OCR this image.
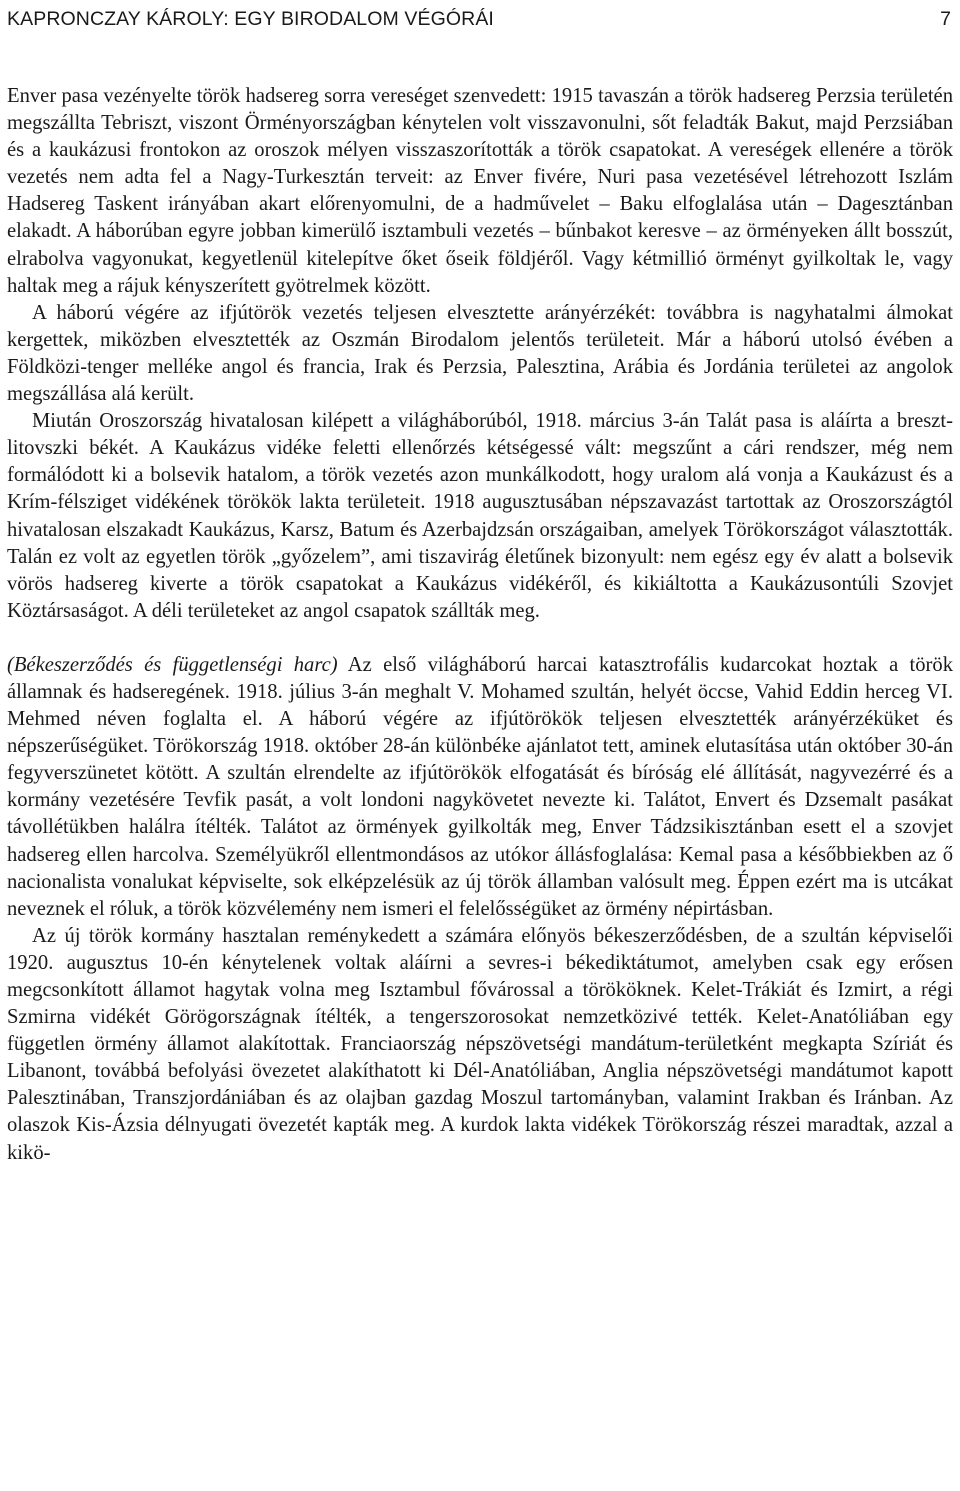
KAPRONCZAY KÁROLY: EGY BIRODALOM VÉGÓRÁI	7

Enver pasa vezényelte török hadsereg sorra vereséget szenvedett: 1915 tavaszán a török hadsereg Perzsia területén megszállta Tebriszt, viszont Örményországban kénytelen volt visszavonulni, sőt feladták Bakut, majd Perzsiában és a kaukázusi frontokon az oroszok mélyen visszaszorították a török csapatokat. A vereségek ellenére a török vezetés nem adta fel a Nagy-Turkesztán terveit: az Enver fivére, Nuri pasa vezetésével létrehozott Iszlám Hadsereg Taskent irányában akart előrenyomulni, de a hadművelet – Baku elfoglalása után – Dagesztánban elakadt. A háborúban egyre jobban kimerülő isztambuli vezetés – bűnbakot keresve – az örményeken állt bosszút, elrabolva vagyonukat, kegyetlenül kitelepítve őket őseik földjéről. Vagy kétmillió örményt gyilkoltak le, vagy haltak meg a rájuk kényszerített gyötrelmek között.

A háború végére az ifjútörök vezetés teljesen elvesztette arányérzékét: továbbra is nagyhatalmi álmokat kergettek, miközben elvesztették az Oszmán Birodalom jelentős területeit. Már a háború utolsó évében a Földközi-tenger melléke angol és francia, Irak és Perzsia, Palesztina, Arábia és Jordánia területei az angolok megszállása alá került.

Miután Oroszország hivatalosan kilépett a világháborúból, 1918. március 3-án Talát pasa is aláírta a breszt-litovszki békét. A Kaukázus vidéke feletti ellenőrzés kétségessé vált: megszűnt a cári rendszer, még nem formálódott ki a bolsevik hatalom, a török vezetés azon munkálkodott, hogy uralom alá vonja a Kaukázust és a Krím-félsziget vidékének törökök lakta területeit. 1918 augusztusában népszavazást tartottak az Oroszországtól hivatalosan elszakadt Kaukázus, Karsz, Batum és Azerbajdzsán országaiban, amelyek Törökországot választották. Talán ez volt az egyetlen török „győzelem”, ami tiszavirág életűnek bizonyult: nem egész egy év alatt a bolsevik vörös hadsereg kiverte a török csapatokat a Kaukázus vidékéről, és kikiáltotta a Kaukázusontúli Szovjet Köztársaságot. A déli területeket az angol csapatok szállták meg.

(Békeszerződés és függetlenségi harc) Az első világháború harcai katasztrofális kudarcokat hoztak a török államnak és hadseregének. 1918. július 3-án meghalt V. Mohamed szultán, helyét öccse, Vahid Eddin herceg VI. Mehmed néven foglalta el. A háború végére az ifjútörökök teljesen elvesztették arányérzéküket és népszerűségüket. Törökország 1918. október 28-án különbéke ajánlatot tett, aminek elutasítása után október 30-án fegyverszünetet kötött. A szultán elrendelte az ifjútörökök elfogatását és bíróság elé állítását, nagyvezérré és a kormány vezetésére Tevfik pasát, a volt londoni nagykövetet nevezte ki. Talátot, Envert és Dzsemalt pasákat távollétükben halálra ítélték. Talátot az örmények gyilkolták meg, Enver Tádzsikisztánban esett el a szovjet hadsereg ellen harcolva. Személyükről ellentmondásos az utókor állásfoglalása: Kemal pasa a későbbiekben az ő nacionalista vonalukat képviselte, sok elképzelésük az új török államban valósult meg. Éppen ezért ma is utcákat neveznek el róluk, a török közvélemény nem ismeri el felelősségüket az örmény népirtásban.

Az új török kormány hasztalan reménykedett a számára előnyös békeszerződésben, de a szultán képviselői 1920. augusztus 10-én kénytelenek voltak aláírni a sevres-i békediktátumot, amelyben csak egy erősen megcsonkított államot hagytak volna meg Isztambul fővárossal a törököknek. Kelet-Trákiát és Izmirt, a régi Szmirna vidékét Görögországnak ítélték, a tengerszorosokat nemzetközivé tették. Kelet-Anatóliában egy független örmény államot alakítottak. Franciaország népszövetségi mandátum-területként megkapta Szíriát és Libanont, továbbá befolyási övezetet alakíthatott ki Dél-Anatóliában, Anglia népszövetségi mandátumot kapott Palesztinában, Transzjordániában és az olajban gazdag Moszul tartományban, valamint Irakban és Iránban. Az olaszok Kis-Ázsia délnyugati övezetét kapták meg. A kurdok lakta vidékek Törökország részei maradtak, azzal a kikö-
